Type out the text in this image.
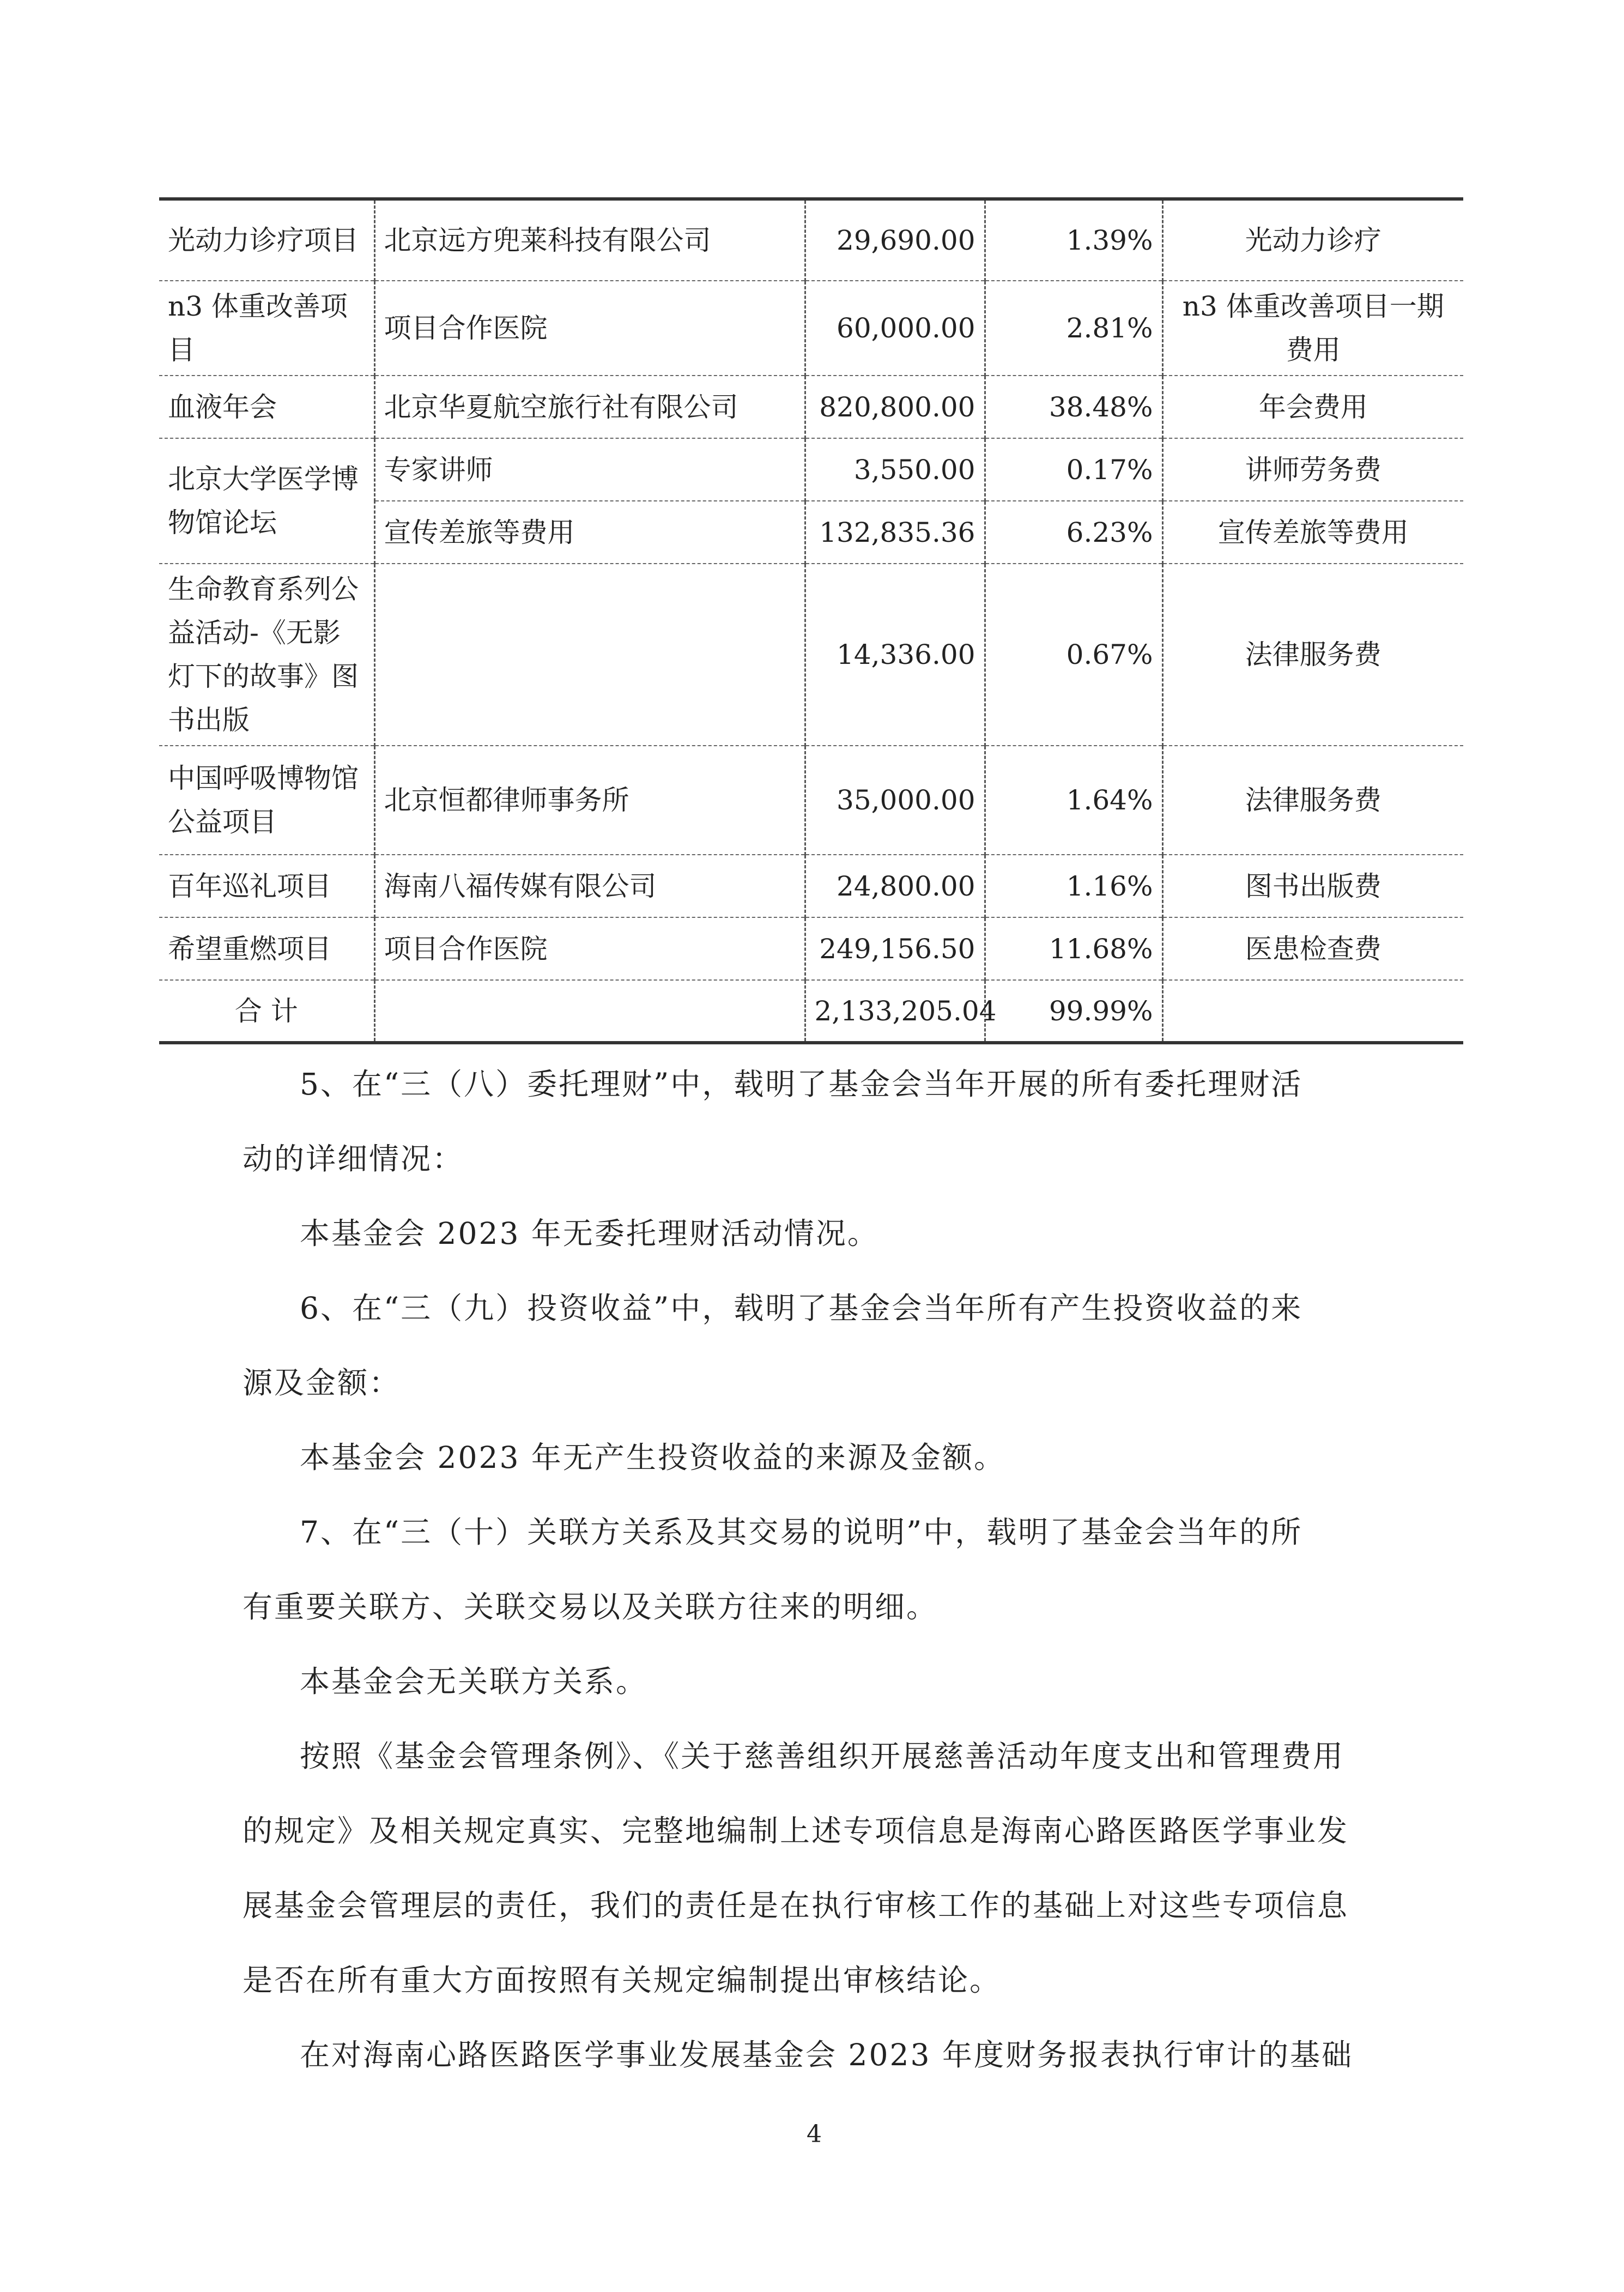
光动力诊疗项目	北京远方兜莱科技有限公司	29,690.00	1.39%	光动力诊疗
n3 体重改善项目	项目合作医院	60,000.00	2.81%	n3 体重改善项目一期费用
血液年会	北京华夏航空旅行社有限公司	820,800.00	38.48%	年会费用
北京大学医学博物馆论坛	专家讲师	3,550.00	0.17%	讲师劳务费
	宣传差旅等费用	132,835.36	6.23%	宣传差旅等费用
生命教育系列公益活动-《无影灯下的故事》图书出版		14,336.00	0.67%	法律服务费
中国呼吸博物馆公益项目	北京恒都律师事务所	35,000.00	1.64%	法律服务费
百年巡礼项目	海南八福传媒有限公司	24,800.00	1.16%	图书出版费
希望重燃项目	项目合作医院	249,156.50	11.68%	医患检查费
合 计		2,133,205.04	99.99%	
5、在“三（八）委托理财”中，载明了基金会当年开展的所有委托理财活
动的详细情况：
本基金会 2023 年无委托理财活动情况。
6、在“三（九）投资收益”中，载明了基金会当年所有产生投资收益的来
源及金额：
本基金会 2023 年无产生投资收益的来源及金额。
7、在“三（十）关联方关系及其交易的说明”中，载明了基金会当年的所
有重要关联方、关联交易以及关联方往来的明细。
本基金会无关联方关系。
按照《基金会管理条例》、《关于慈善组织开展慈善活动年度支出和管理费用
的规定》及相关规定真实、完整地编制上述专项信息是海南心路医路医学事业发
展基金会管理层的责任，我们的责任是在执行审核工作的基础上对这些专项信息
是否在所有重大方面按照有关规定编制提出审核结论。
在对海南心路医路医学事业发展基金会 2023 年度财务报表执行审计的基础
4
